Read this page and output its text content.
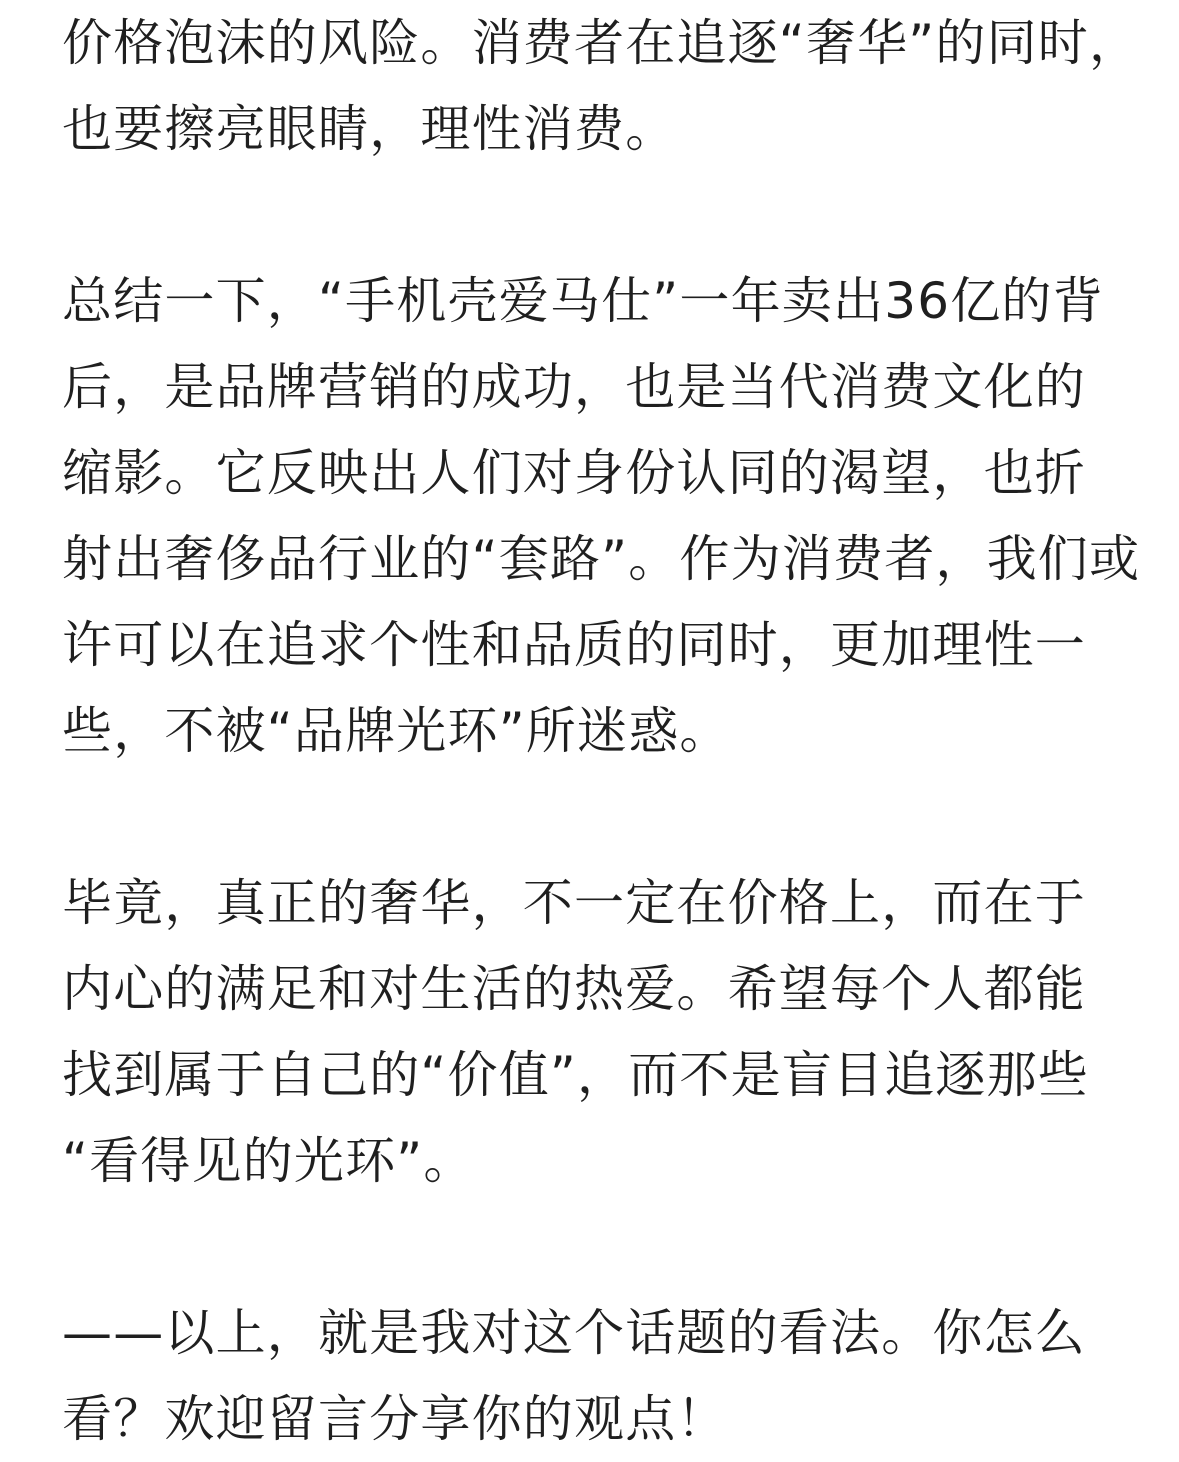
价格泡沫的风险。消费者在追逐“奢华”的同时，
也要擦亮眼睛，理性消费。
总结一下，“手机壳爱马仕”一年卖出36亿的背
后，是品牌营销的成功，也是当代消费文化的
缩影。它反映出人们对身份认同的渴望，也折
射出奢侈品行业的“套路”。作为消费者，我们或
许可以在追求个性和品质的同时，更加理性一
些，不被“品牌光环”所迷惑。
毕竟，真正的奢华，不一定在价格上，而在于
内心的满足和对生活的热爱。希望每个人都能
找到属于自己的“价值”，而不是盲目追逐那些
“看得见的光环”。
——以上，就是我对这个话题的看法。你怎么
看？欢迎留言分享你的观点！
